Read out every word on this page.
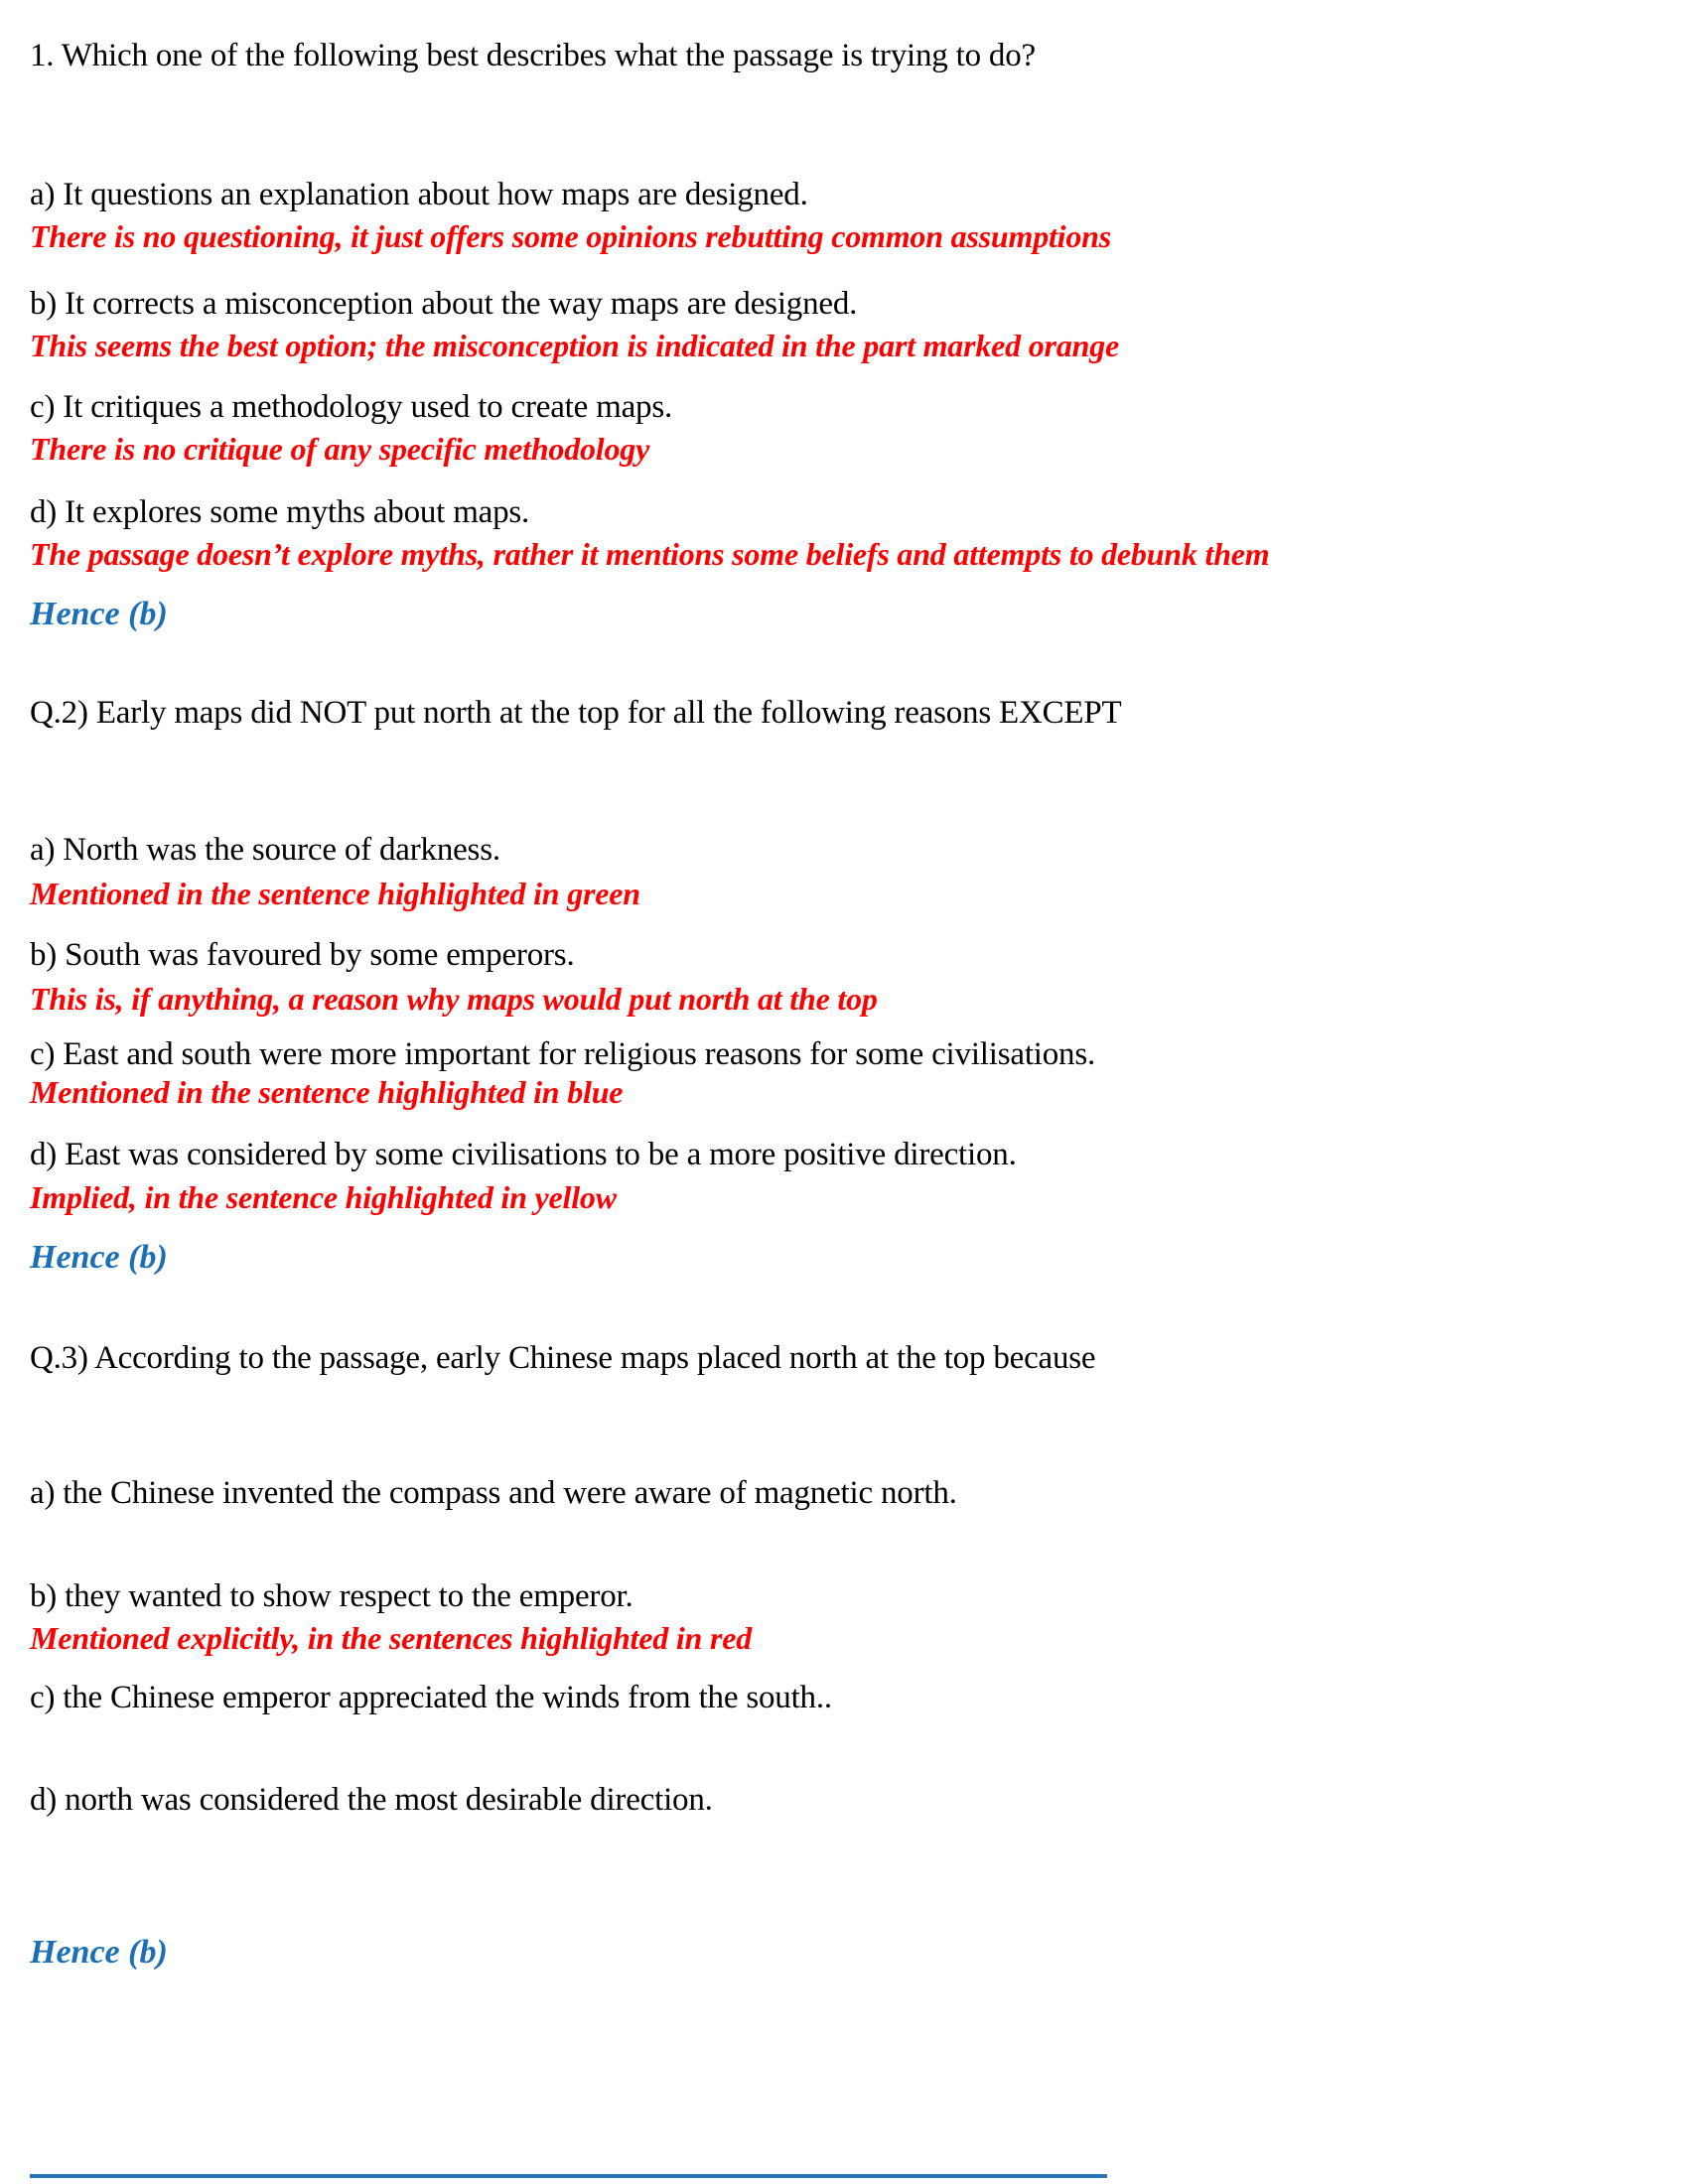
1. Which one of the following best describes what the passage is trying to do?
a) It questions an explanation about how maps are designed.
There is no questioning, it just offers some opinions rebutting common assumptions
b) It corrects a misconception about the way maps are designed.
This seems the best option; the misconception is indicated in the part marked orange
c) It critiques a methodology used to create maps.
There is no critique of any specific methodology
d) It explores some myths about maps.
The passage doesn’t explore myths, rather it mentions some beliefs and attempts to debunk them
Hence (b)
Q.2) Early maps did NOT put north at the top for all the following reasons EXCEPT
a) North was the source of darkness.
Mentioned in the sentence highlighted in green
b) South was favoured by some emperors.
This is, if anything, a reason why maps would put north at the top
c) East and south were more important for religious reasons for some civilisations.
Mentioned in the sentence highlighted in blue
d) East was considered by some civilisations to be a more positive direction.
Implied, in the sentence highlighted in yellow
Hence (b)
Q.3) According to the passage, early Chinese maps placed north at the top because
a) the Chinese invented the compass and were aware of magnetic north.
b) they wanted to show respect to the emperor.
Mentioned explicitly, in the sentences highlighted in red
c) the Chinese emperor appreciated the winds from the south..
d) north was considered the most desirable direction.
Hence (b)
